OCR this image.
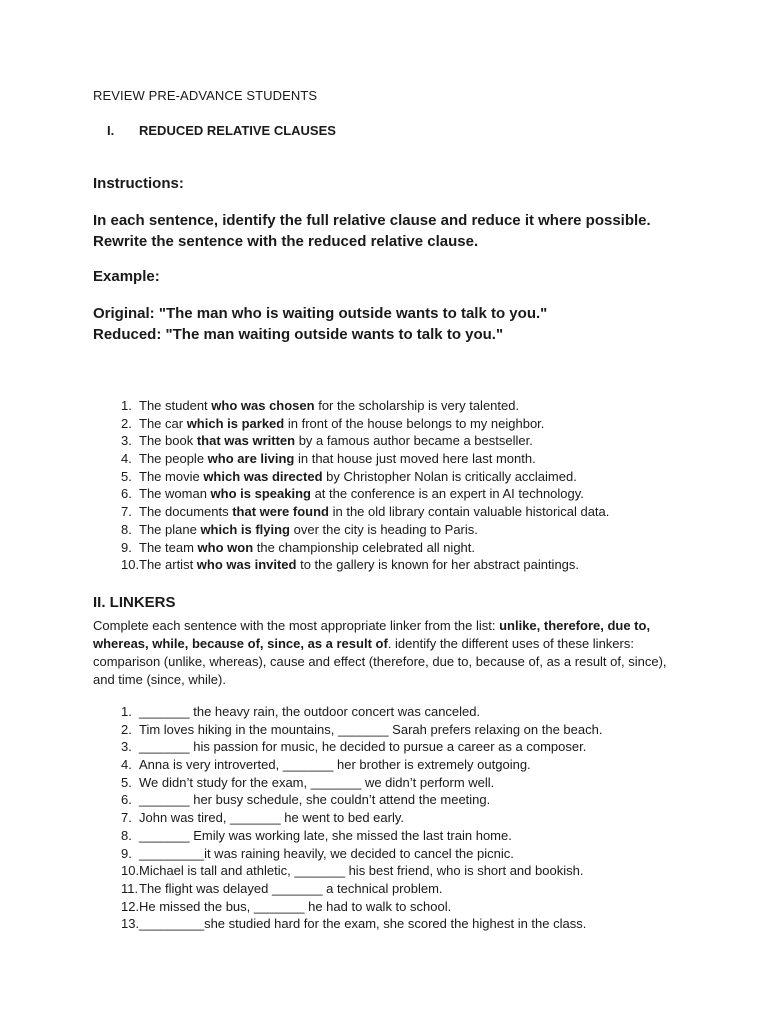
REVIEW PRE-ADVANCE STUDENTS
I. REDUCED RELATIVE CLAUSES
Instructions:
In each sentence, identify the full relative clause and reduce it where possible. Rewrite the sentence with the reduced relative clause.
Example:
Original: "The man who is waiting outside wants to talk to you."
Reduced: "The man waiting outside wants to talk to you."
1. The student who was chosen for the scholarship is very talented.
2. The car which is parked in front of the house belongs to my neighbor.
3. The book that was written by a famous author became a bestseller.
4. The people who are living in that house just moved here last month.
5. The movie which was directed by Christopher Nolan is critically acclaimed.
6. The woman who is speaking at the conference is an expert in AI technology.
7. The documents that were found in the old library contain valuable historical data.
8. The plane which is flying over the city is heading to Paris.
9. The team who won the championship celebrated all night.
10.The artist who was invited to the gallery is known for her abstract paintings.
II. LINKERS
Complete each sentence with the most appropriate linker from the list: unlike, therefore, due to, whereas, while, because of, since, as a result of. identify the different uses of these linkers: comparison (unlike, whereas), cause and effect (therefore, due to, because of, as a result of, since), and time (since, while).
1. _______ the heavy rain, the outdoor concert was canceled.
2. Tim loves hiking in the mountains, _______ Sarah prefers relaxing on the beach.
3. _______ his passion for music, he decided to pursue a career as a composer.
4. Anna is very introverted, _______ her brother is extremely outgoing.
5. We didn’t study for the exam, _______ we didn’t perform well.
6. _______ her busy schedule, she couldn’t attend the meeting.
7. John was tired, _______ he went to bed early.
8. _______ Emily was working late, she missed the last train home.
9. _________it was raining heavily, we decided to cancel the picnic.
10.Michael is tall and athletic, _______ his best friend, who is short and bookish.
11.The flight was delayed _______ a technical problem.
12.He missed the bus, _______ he had to walk to school.
13._________she studied hard for the exam, she scored the highest in the class.
